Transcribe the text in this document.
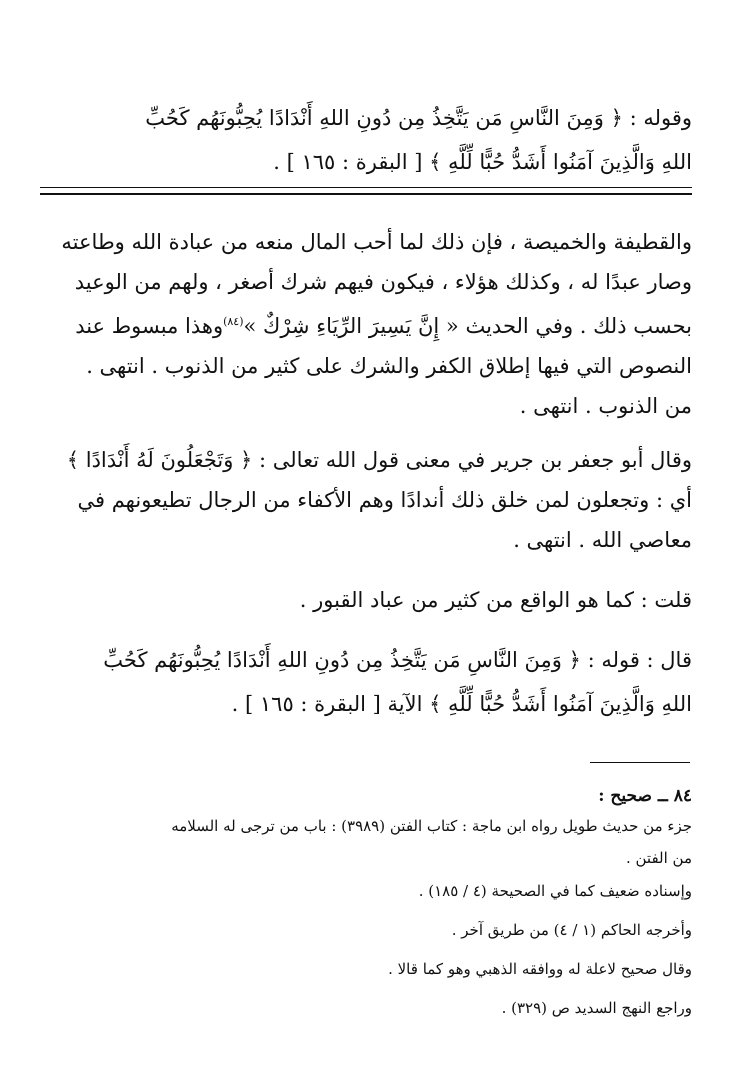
وقوله : ﴿ وَمِنَ النَّاسِ مَن يَتَّخِذُ مِن دُونِ اللهِ أَنْدَادًا يُحِبُّونَهُم كَحُبِّ
اللهِ وَالَّذِينَ آمَنُوا أَشَدُّ حُبًّا لِّلَّهِ ﴾ [ البقرة : ١٦٥ ] .
والقطيفة والخميصة ، فإن ذلك لما أحب المال منعه من عبادة الله وطاعته
وصار عبدًا له ، وكذلك هؤلاء ، فيكون فيهم شرك أصغر ، ولهم من الوعيد
بحسب ذلك . وفي الحديث « إِنَّ يَسِيرَ الرِّيَاءِ شِرْكٌ »$^{(٨٤)}$وهذا مبسوط عند
النصوص التي فيها إطلاق الكفر والشرك على كثير من الذنوب . انتهى .
من الذنوب . انتهى .
وقال أبو جعفر بن جرير في معنى قول الله تعالى : ﴿ وَتَجْعَلُونَ لَهُ أَنْدَادًا ﴾
أي : وتجعلون لمن خلق ذلك أندادًا وهم الأكفاء من الرجال تطيعونهم في
معاصي الله . انتهى .
قلت : كما هو الواقع من كثير من عباد القبور .
قال : قوله : ﴿ وَمِنَ النَّاسِ مَن يَتَّخِذُ مِن دُونِ اللهِ أَنْدَادًا يُحِبُّونَهُم كَحُبِّ
اللهِ وَالَّذِينَ آمَنُوا أَشَدُّ حُبًّا لِّلَّهِ ﴾ الآية [ البقرة : ١٦٥ ] .
٨٤ ــ صحيح :
جزء من حديث طويل رواه ابن ماجة : كتاب الفتن (٣٩٨٩) : باب من ترجى له السلامه
من الفتن .
وإسناده ضعيف كما في الصحيحة (٤ / ١٨٥) .
وأخرجه الحاكم (١ / ٤) من طريق آخر .
وقال صحيح لاعلة له ووافقه الذهبي وهو كما قالا .
وراجع النهج السديد ص (٣٢٩) .
